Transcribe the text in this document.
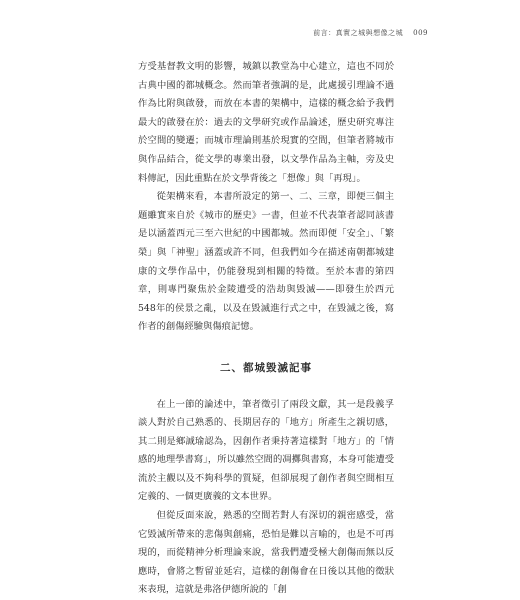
前言：真實之城與想像之城 009

方受基督教文明的影響，城鎮以教堂為中心建立，這也不同於古典中國的都城概念。然而筆者強調的是，此處援引理論不過作為比附與啟發，而放在本書的架構中，這樣的概念給予我們最大的啟發在於：過去的文學研究或作品論述，歷史研究專注於空間的變遷；而城市理論則基於現實的空間，但筆者將城市與作品結合，從文學的專業出發，以文學作品為主軸，旁及史料傳記，因此重點在於文學背後之「想像」與「再現」。

從架構來看，本書所設定的第一、二、三章，即便三個主題雖實來自於《城市的歷史》一書，但並不代表筆者認同該書是以涵蓋西元三至六世紀的中國都城。然而即便「安全」、「繁榮」與「神聖」涵蓋或許不同，但我們如今在描述南朝都城建康的文學作品中，仍能發現到相關的特徵。至於本書的第四章，則專門聚焦於金陵遭受的浩劫與毀滅——即發生於西元548年的侯景之亂，以及在毀滅進行式之中，在毀滅之後，寫作者的創傷經驗與傷痕記憶。

二、都城毀滅記事

在上一節的論述中，筆者徵引了兩段文獻，其一是段義孚談人對於自己熟悉的、長期居存的「地方」所產生之親切感，其二則是鄉誠瑜認為，因創作者秉持著這樣對「地方」的「情感的地理學書寫」，所以雖然空間的凋擲與書寫，本身可能遭受流於主觀以及不夠科學的質疑，但卻展現了創作者與空間相互定義的、一個更廣義的文本世界。

但從反面來說，熟悉的空間若對人有深切的親密感受，當它毀滅所帶來的悲傷與創痛，恐怕是難以言喻的，也是不可再現的，而從精神分析理論來說，當我們遭受極大創傷而無以反應時，會將之暫留並延宕，這樣的創傷會在日後以其他的徵狀來表現，這就是弗洛伊德所說的「創
